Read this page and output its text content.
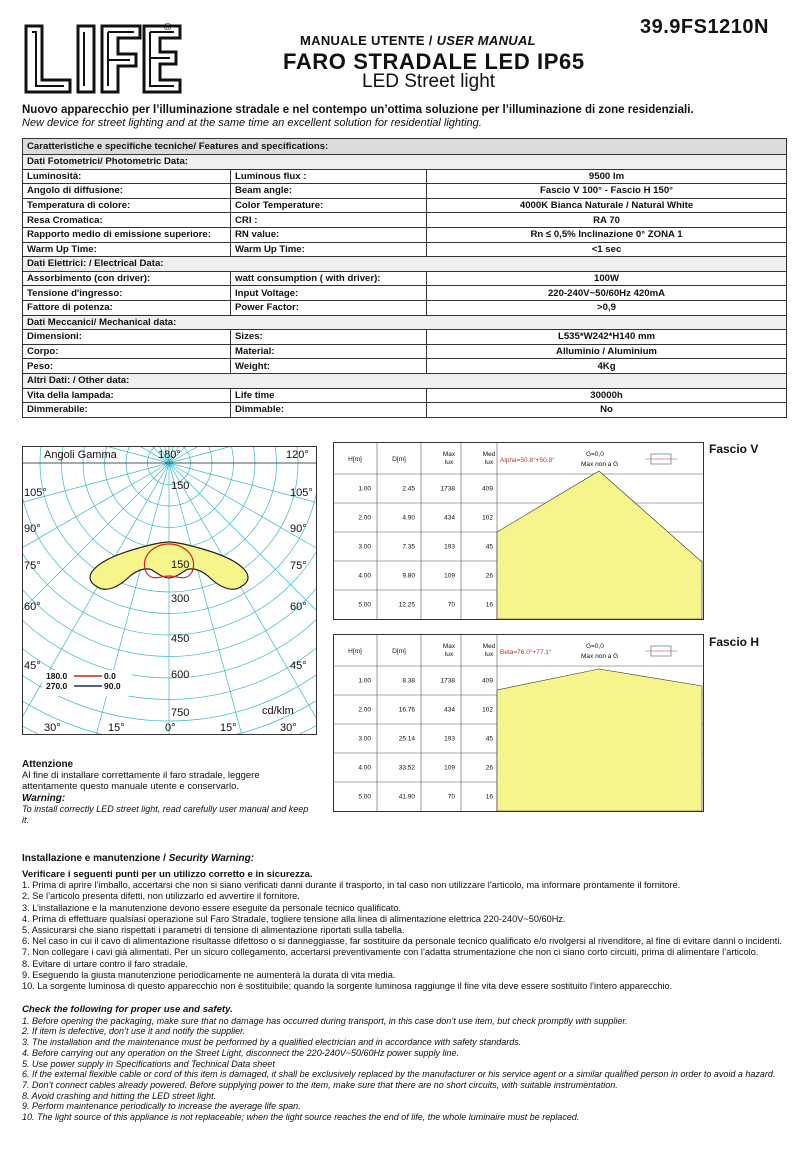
®	39.9FS1210N
MANUALE UTENTE / USER MANUAL
FARO STRADALE LED IP65
LED Street light
Nuovo apparecchio per l’illuminazione stradale e nel contempo un’ottima soluzione per l’illuminazione di zone residenziali.
New device for street lighting and at the same time an excellent solution for residential lighting.
Caratteristiche e specifiche tecniche/ Features and specifications:		
Dati Fotometrici/ Photometric Data:		
Luminosità:	Luminous flux :	9500 lm
Angolo di diffusione:	Beam angle:	Fascio V 100° - Fascio H 150°
Temperatura di colore:	Color Temperature:	4000K Bianca Naturale / Natural White
Resa Cromatica:	CRI :	RA 70
Rapporto medio di emissione superiore:	RN value:	Rn ≤ 0,5% Inclinazione 0° ZONA 1
Warm Up Time:	Warm Up Time:	<1 sec
Dati Elettrici: / Electrical Data:		
Assorbimento (con driver):	watt consumption ( with driver):	100W
Tensione d'ingresso:	Input Voltage:	220-240V~50/60Hz 420mA
Fattore di potenza:	Power Factor:	>0,9
Dati Meccanici/ Mechanical data:		
Dimensioni:	Sizes:	L535*W242*H140 mm
Corpo:	Material:	Alluminio / Aluminium
Peso:	Weight:	4Kg
Altri Dati: / Other data:		
Vita della lampada:	Life time	30000h
Dimmerabile:	Dimmable:	No
Angoli Gamma	180°	120°
105°	105°
90°	90°
75°	75°
60°	60°
45°	45°
30°	15°	0°	15°	30°
150
150
300
450
600
750	cd/klm
180.0	0.0
270.0	90.0
H[m]	D[m]
Max lux
Med lux
1.00	2.45	1738	409
2.00	4.90	434	102
3.00	7.35	193	45
4.00	9.80	109	26
5.00	12.25	70	16
Alpha=50.8°+50.8°
G=0,0
Max non a G
Fascio V
H[m]	D[m]
Max lux
Med lux
1.00	8.38	1738	409
2.00	16.76	434	102
3.00	25.14	193	45
4.00	33.52	109	26
5.00	41.90	70	16
Beta=76.0°+77.1°
G=0,0
Max non a G
Fascio H
Attenzione
Al fine di installare correttamente il faro stradale, leggere attentamente questo manuale utente e conservarlo.
Warning:
To install correctly LED street light, read carefully user manual and keep it.
Installazione e manutenzione / Security Warning:
Verificare i seguenti punti per un utilizzo corretto e in sicurezza.
1. Prima di aprire l’imballo, accertarsi che non si siano verificati danni durante il trasporto, in tal caso non utilizzare l’articolo, ma informare prontamente il fornitore.
2. Se l’articolo presenta difetti, non utilizzarlo ed avvertire il fornitore.
3. L’installazione e la manutenzione devono essere eseguite da personale tecnico qualificato.
4. Prima di effettuare qualsiasi operazione sul Faro Stradale, togliere tensione alla linea di alimentazione elettrica 220-240V~50/60Hz.
5. Assicurarsi che siano rispettati i parametri di tensione di alimentazione riportati sulla tabella.
6. Nel caso in cui il cavo di alimentazione risultasse difettoso o si danneggiasse, far sostituire da personale tecnico qualificato e/o rivolgersi al rivenditore, al fine di evitare danni o incidenti.
7. Non collegare i cavi già alimentati. Per un sicuro collegamento, accertarsi preventivamente con l’adatta strumentazione che non ci siano corto circuiti, prima di alimentare l’articolo.
8. Evitare di urtare contro il faro stradale.
9. Eseguendo la giusta manutenzione periodicamente ne aumenterà la durata di vita media.
10. La sorgente luminosa di questo apparecchio non è sostituibile; quando la sorgente luminosa raggiunge il fine vita deve essere sostituito l’intero apparecchio.
Check the following for proper use and safety.
1. Before opening the packaging, make sure that no damage has occurred during transport, in this case don’t use item, but check promptly with supplier.
2. If item is defective, don’t use it and notify the supplier.
3. The installation and the maintenance must be performed by a qualified electrician and in accordance with safety standards.
4. Before carrying out any operation on the Street Light, disconnect the 220-240V~50/60Hz power supply line.
5. Use power supply in Specifications and Technical Data sheet
6. If the external flexible cable or cord of this item is damaged, it shall be exclusively replaced by the manufacturer or his service agent or a similar qualified person in order to avoid a hazard.
7. Don’t connect cables already powered. Before supplying power to the item, make sure that there are no short circuits, with suitable instrumentation.
8. Avoid crashing and hitting the LED street light.
9. Perform maintenance periodically to increase the average life span.
10. The light source of this appliance is not replaceable; when the light source reaches the end of life, the whole luminaire must be replaced.
